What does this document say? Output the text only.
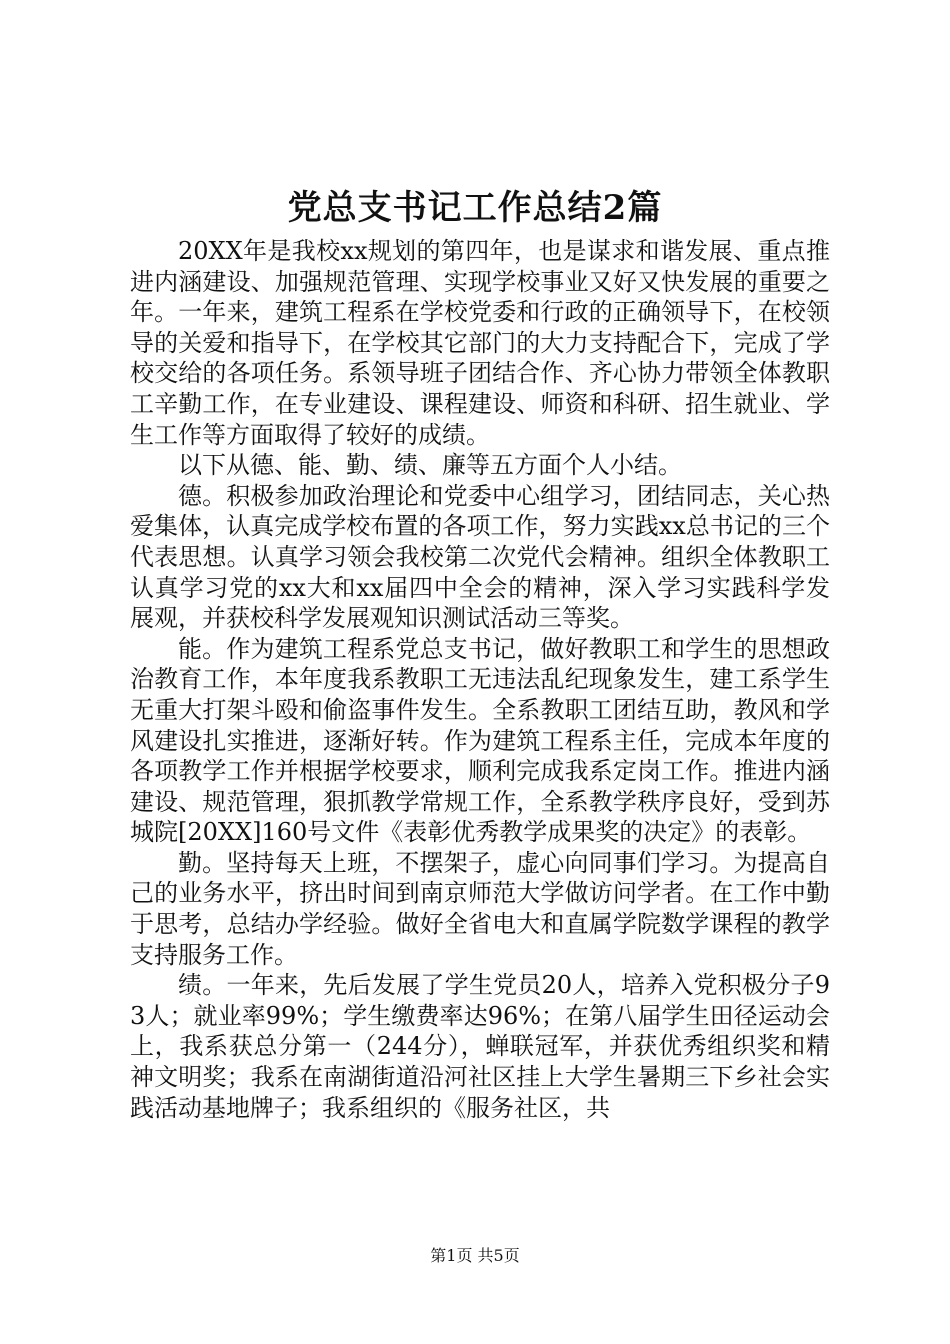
党总支书记工作总结2篇

20XX年是我校xx规划的第四年，也是谋求和谐发展、重点推进内涵建设、加强规范管理、实现学校事业又好又快发展的重要之年。一年来，建筑工程系在学校党委和行政的正确领导下，在校领导的关爱和指导下，在学校其它部门的大力支持配合下，完成了学校交给的各项任务。系领导班子团结合作、齐心协力带领全体教职工辛勤工作，在专业建设、课程建设、师资和科研、招生就业、学生工作等方面取得了较好的成绩。

以下从德、能、勤、绩、廉等五方面个人小结。

德。积极参加政治理论和党委中心组学习，团结同志，关心热爱集体，认真完成学校布置的各项工作，努力实践xx总书记的三个代表思想。认真学习领会我校第二次党代会精神。组织全体教职工认真学习党的xx大和xx届四中全会的精神，深入学习实践科学发展观，并获校科学发展观知识测试活动三等奖。

能。作为建筑工程系党总支书记，做好教职工和学生的思想政治教育工作，本年度我系教职工无违法乱纪现象发生，建工系学生无重大打架斗殴和偷盗事件发生。全系教职工团结互助，教风和学风建设扎实推进，逐渐好转。作为建筑工程系主任，完成本年度的各项教学工作并根据学校要求，顺利完成我系定岗工作。推进内涵建设、规范管理，狠抓教学常规工作，全系教学秩序良好，受到苏城院[20XX]160号文件《表彰优秀教学成果奖的决定》的表彰。

勤。坚持每天上班，不摆架子，虚心向同事们学习。为提高自己的业务水平，挤出时间到南京师范大学做访问学者。在工作中勤于思考，总结办学经验。做好全省电大和直属学院数学课程的教学支持服务工作。

绩。一年来，先后发展了学生党员20人，培养入党积极分子93人；就业率99%；学生缴费率达96%；在第八届学生田径运动会上，我系获总分第一（244分），蝉联冠军，并获优秀组织奖和精神文明奖；我系在南湖街道沿河社区挂上大学生暑期三下乡社会实践活动基地牌子；我系组织的《服务社区，共

第1页 共5页
